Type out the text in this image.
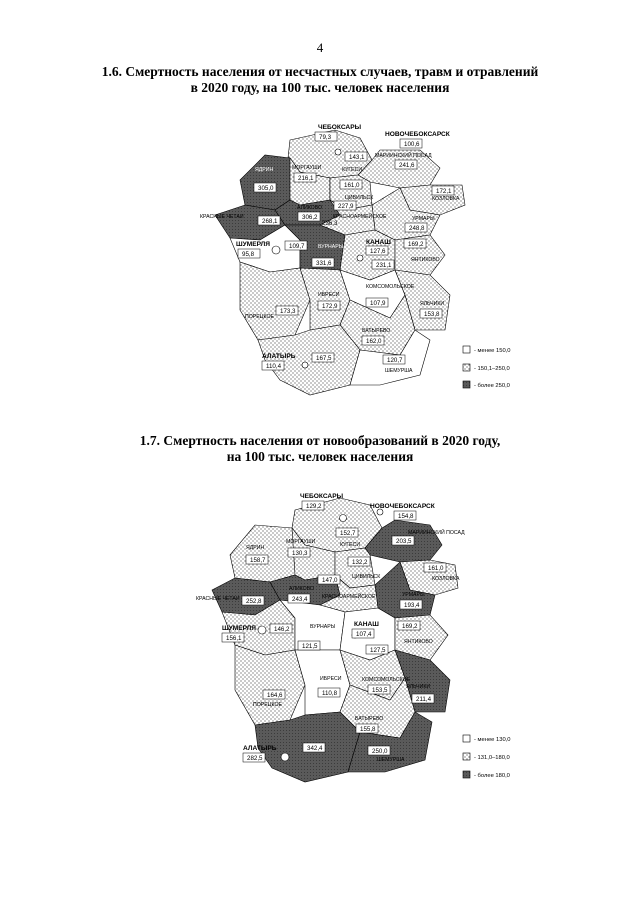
4
1.6. Смертность населения от несчастных случаев, травм и отравлений
в 2020 году, на 100 тыс. человек населения
1.7. Смертность населения от новообразований в 2020 году,
на 100 тыс. человек населения
ЧЕБОКСАРЫ
79,3	НОВОЧЕБОКСАРСК
100,6
143,1
КУГЕСИ
МАРИИНСКИЙ ПОСАД
241,6
ЯДРИН
305,0
МОРГАУШИ
216,1
161,0
172,1
ЦИВИЛЬСК
227,9
КОЗЛОВКА
АЛИКОВО
306,2
КРАСНЫЕ ЧЕТАИ
268,1
КРАСНОАРМЕЙСКОЕ
236,3
УРМАРЫ
248,8
ШУМЕРЛЯ
95,8
109,7	ВУРНАРЫ
331,6
КАНАШ
127,6
231,1
169,2
ЯНТИКОВО
КОМСОМОЛЬСКОЕ
ИБРЕСИ
172,9	107,9	ЯЛЬЧИКИ
153,8
173,3
ПОРЕЦКОЕ
БАТЫРЕВО
162,0
АЛАТЫРЬ
110,4
167,5	120,7
ШЕМУРША
- менее 150,0
- 150,1–250,0
- более 250,0
ЧЕБОКСАРЫ
129,2	НОВОЧЕБОКСАРСК
154,8
152,7
КУГЕСИ
МАРИИНСКИЙ ПОСАД
203,5
МОРГАУШИ
130,3
ЯДРИН
158,7	132,2
161,0
147,0	ЦИВИЛЬСК	КОЗЛОВКА
АЛИКОВО
243,4
КРАСНЫЕ ЧЕТАИ 252,8
КРАСНОАРМЕЙСКОЕ	УРМАРЫ
193,4
ШУМЕРЛЯ
156,1
146,2	ВУРНАРЫ
121,5
КАНАШ
107,4
127,5
169,2
ЯНТИКОВО
ИБРЕСИ
110,8
КОМСОМОЛЬСКОЕ
153,5	ЯЛЬЧИКИ
211,4
164,6
ПОРЕЦКОЕ
БАТЫРЕВО
155,8
АЛАТЫРЬ
282,5
342,4	250,0
ШЕМУРША
- менее 130,0
- 131,0–180,0
- более 180,0
